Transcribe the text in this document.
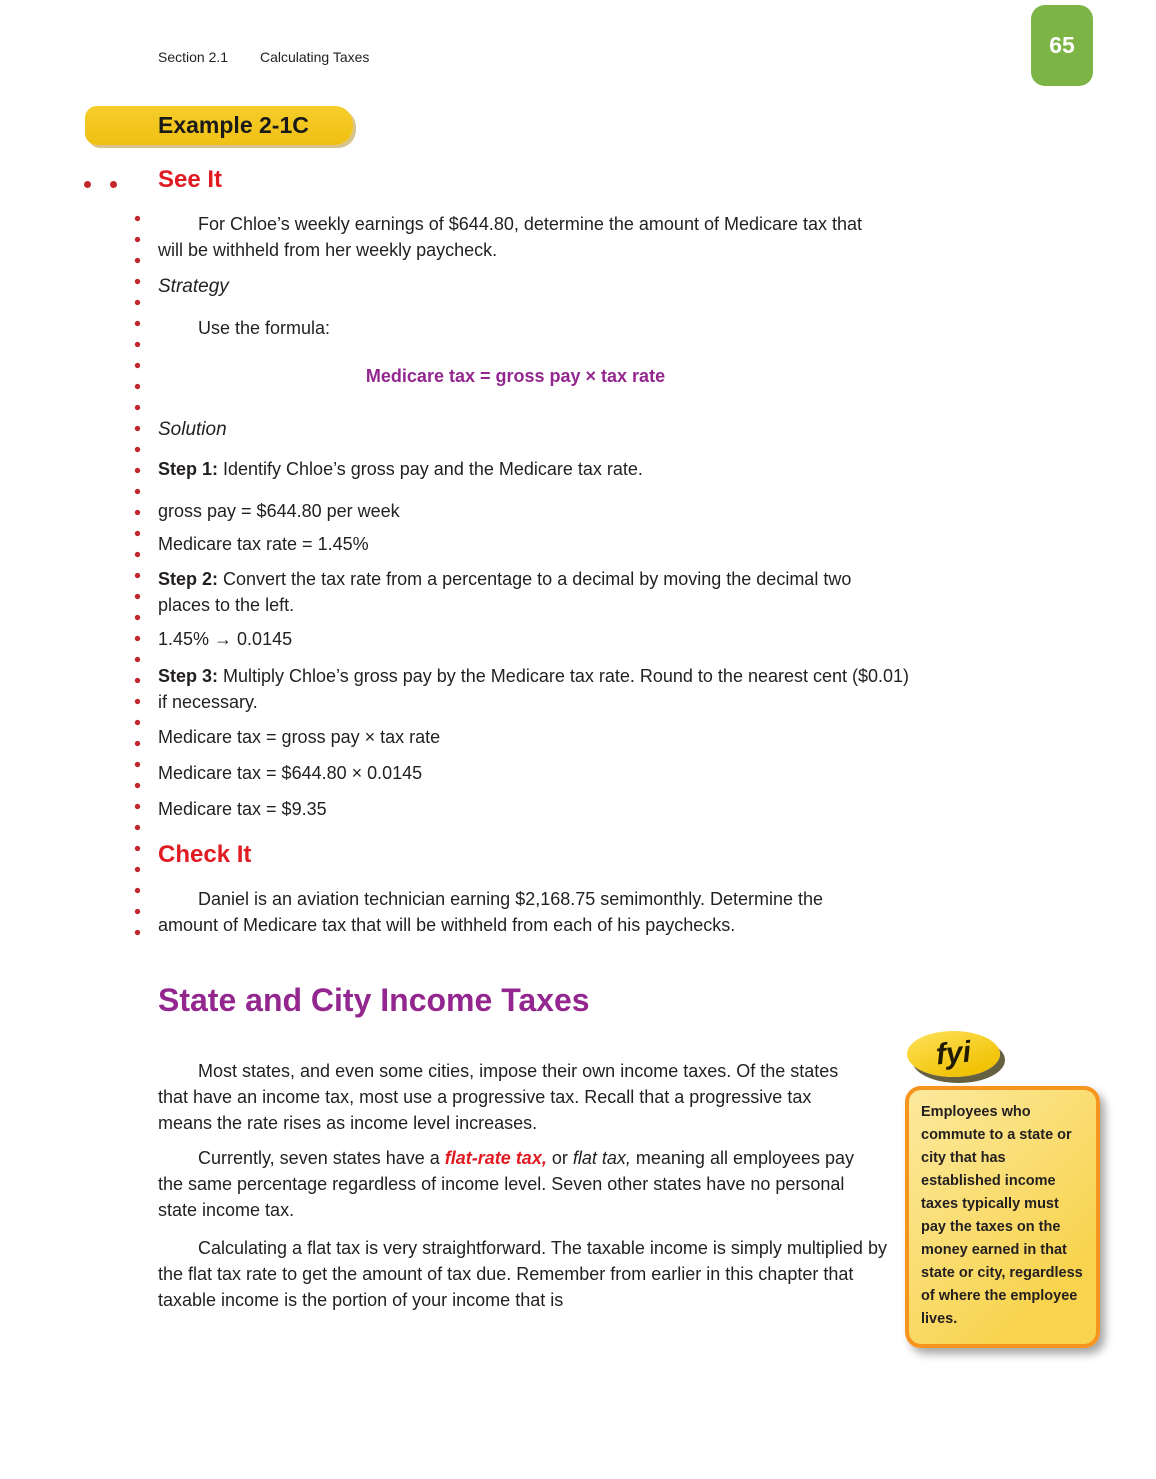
Section 2.1 Calculating Taxes	65
Example 2-1C
See It

For Chloe’s weekly earnings of $644.80, determine the amount of Medicare tax that will be withheld from her weekly paycheck.

Strategy

Use the formula:

Medicare tax = gross pay × tax rate

Solution

Step 1: Identify Chloe’s gross pay and the Medicare tax rate.

gross pay = $644.80 per week

Medicare tax rate = 1.45%

Step 2: Convert the tax rate from a percentage to a decimal by moving the decimal two places to the left.

1.45% → 0.0145

Step 3: Multiply Chloe’s gross pay by the Medicare tax rate. Round to the nearest cent ($0.01) if necessary.

Medicare tax = gross pay × tax rate

Medicare tax = $644.80 × 0.0145

Medicare tax = $9.35

Check It

Daniel is an aviation technician earning $2,168.75 semimonthly. Determine the amount of Medicare tax that will be withheld from each of his paychecks.

State and City Income Taxes

Most states, and even some cities, impose their own income taxes. Of the states that have an income tax, most use a progressive tax. Recall that a progressive tax means the rate rises as income level increases.

Currently, seven states have a flat-rate tax, or flat tax, meaning all employees pay the same percentage regardless of income level. Seven other states have no personal state income tax.

Calculating a flat tax is very straightforward. The taxable income is simply multiplied by the flat tax rate to get the amount of tax due. Remember from earlier in this chapter that taxable income is the portion of your income that is

fyi
Employees who commute to a state or city that has established income taxes typically must pay the taxes on the money earned in that state or city, regardless of where the employee lives.
